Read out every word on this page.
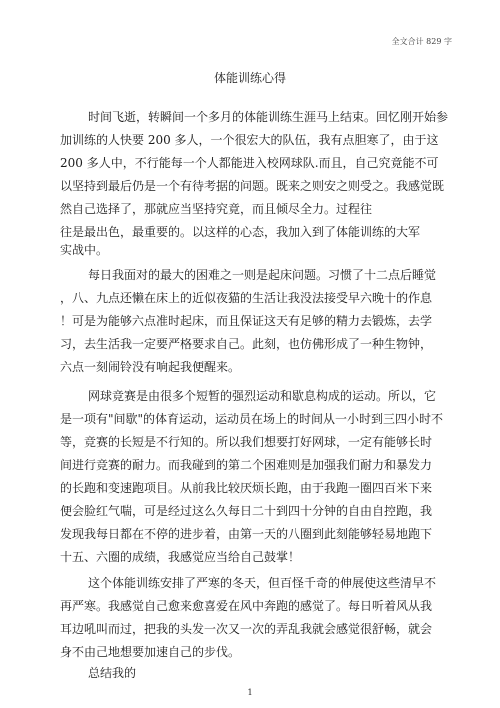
全文合计 829 字
体能训练心得
时间飞逝，转瞬间一个多月的体能训练生涯马上结束。回忆刚开始参
加训练的人快要 200 多人，一个很宏大的队伍，我有点胆寒了，由于这
200 多人中，不行能每一个人都能进入校网球队.而且，自己究竟能不可
以坚持到最后仍是一个有待考据的问题。既来之则安之则受之。我感觉既
然自己选择了，那就应当坚持究竟，而且倾尽全力。过程往
往是最出色，最重要的。以这样的心态，我加入到了体能训练的大军
实战中。
每日我面对的最大的困难之一则是起床问题。习惯了十二点后睡觉
，八、九点还懒在床上的近似夜猫的生活让我没法接受早六晚十的作息
！可是为能够六点准时起床，而且保证这天有足够的精力去锻炼，去学
习，去生活我一定要严格要求自己。此刻，也仿佛形成了一种生物钟，
六点一刻闹铃没有响起我便醒来。
网球竞赛是由很多个短暂的强烈运动和歇息构成的运动。所以，它
是一项有"间歇"的体育运动，运动员在场上的时间从一小时到三四小时不
等，竞赛的长短是不行知的。所以我们想要打好网球，一定有能够长时
间进行竞赛的耐力。而我碰到的第二个困难则是加强我们耐力和暴发力
的长跑和变速跑项目。从前我比较厌烦长跑，由于我跑一圈四百米下来
便会脸红气喘，可是经过这么久每日二十到四十分钟的自由自控跑，我
发现我每日都在不停的进步着，由第一天的八圈到此刻能够轻易地跑下
十五、六圈的成绩，我感觉应当给自己鼓掌！
这个体能训练安排了严寒的冬天，但百怪千奇的伸展使这些清早不
再严寒。我感觉自己愈来愈喜爱在风中奔跑的感觉了。每日听着风从我
耳边吼叫而过，把我的头发一次又一次的弄乱我就会感觉很舒畅，就会
身不由己地想要加速自己的步伐。
总结我的
1
